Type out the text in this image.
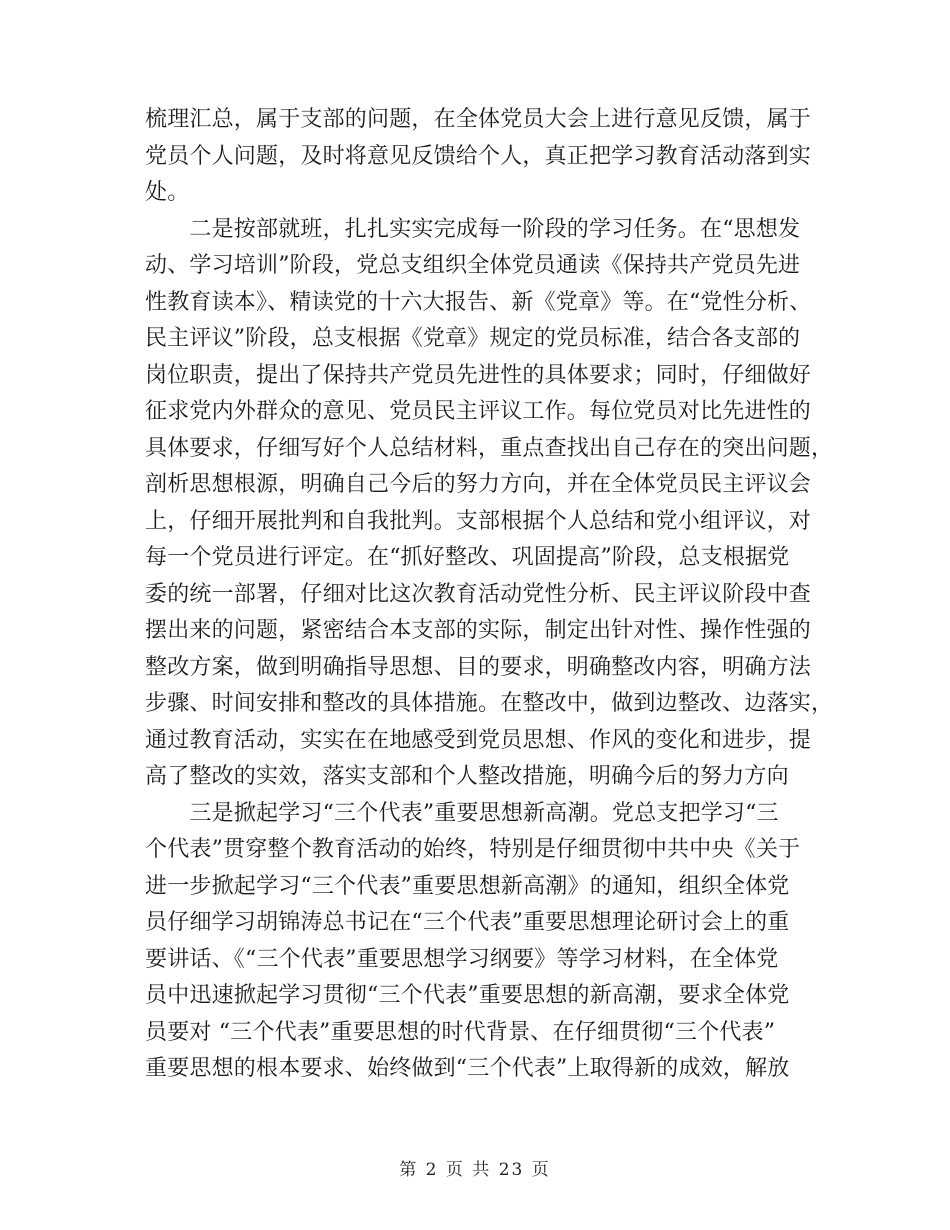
梳理汇总，属于支部的问题，在全体党员大会上进行意见反馈，属于
党员个人问题，及时将意见反馈给个人，真正把学习教育活动落到实
处。
　　二是按部就班，扎扎实实完成每一阶段的学习任务。在“思想发
动、学习培训”阶段，党总支组织全体党员通读《保持共产党员先进
性教育读本》、精读党的十六大报告、新《党章》等。在“党性分析、
民主评议”阶段，总支根据《党章》规定的党员标准，结合各支部的
岗位职责，提出了保持共产党员先进性的具体要求；同时，仔细做好
征求党内外群众的意见、党员民主评议工作。每位党员对比先进性的
具体要求，仔细写好个人总结材料，重点查找出自己存在的突出问题，
剖析思想根源，明确自己今后的努力方向，并在全体党员民主评议会
上，仔细开展批判和自我批判。支部根据个人总结和党小组评议，对
每一个党员进行评定。在“抓好整改、巩固提高”阶段，总支根据党
委的统一部署，仔细对比这次教育活动党性分析、民主评议阶段中查
摆出来的问题，紧密结合本支部的实际，制定出针对性、操作性强的
整改方案，做到明确指导思想、目的要求，明确整改内容，明确方法
步骤、时间安排和整改的具体措施。在整改中，做到边整改、边落实，
通过教育活动，实实在在地感受到党员思想、作风的变化和进步，提
高了整改的实效，落实支部和个人整改措施，明确今后的努力方向
　　三是掀起学习“三个代表”重要思想新高潮。党总支把学习“三
个代表”贯穿整个教育活动的始终，特别是仔细贯彻中共中央《关于
进一步掀起学习“三个代表”重要思想新高潮》的通知，组织全体党
员仔细学习胡锦涛总书记在“三个代表”重要思想理论研讨会上的重
要讲话、《“三个代表”重要思想学习纲要》等学习材料，在全体党
员中迅速掀起学习贯彻“三个代表”重要思想的新高潮，要求全体党
员要对 “三个代表”重要思想的时代背景、在仔细贯彻“三个代表”
重要思想的根本要求、始终做到“三个代表”上取得新的成效，解放
第 2 页 共 23 页
